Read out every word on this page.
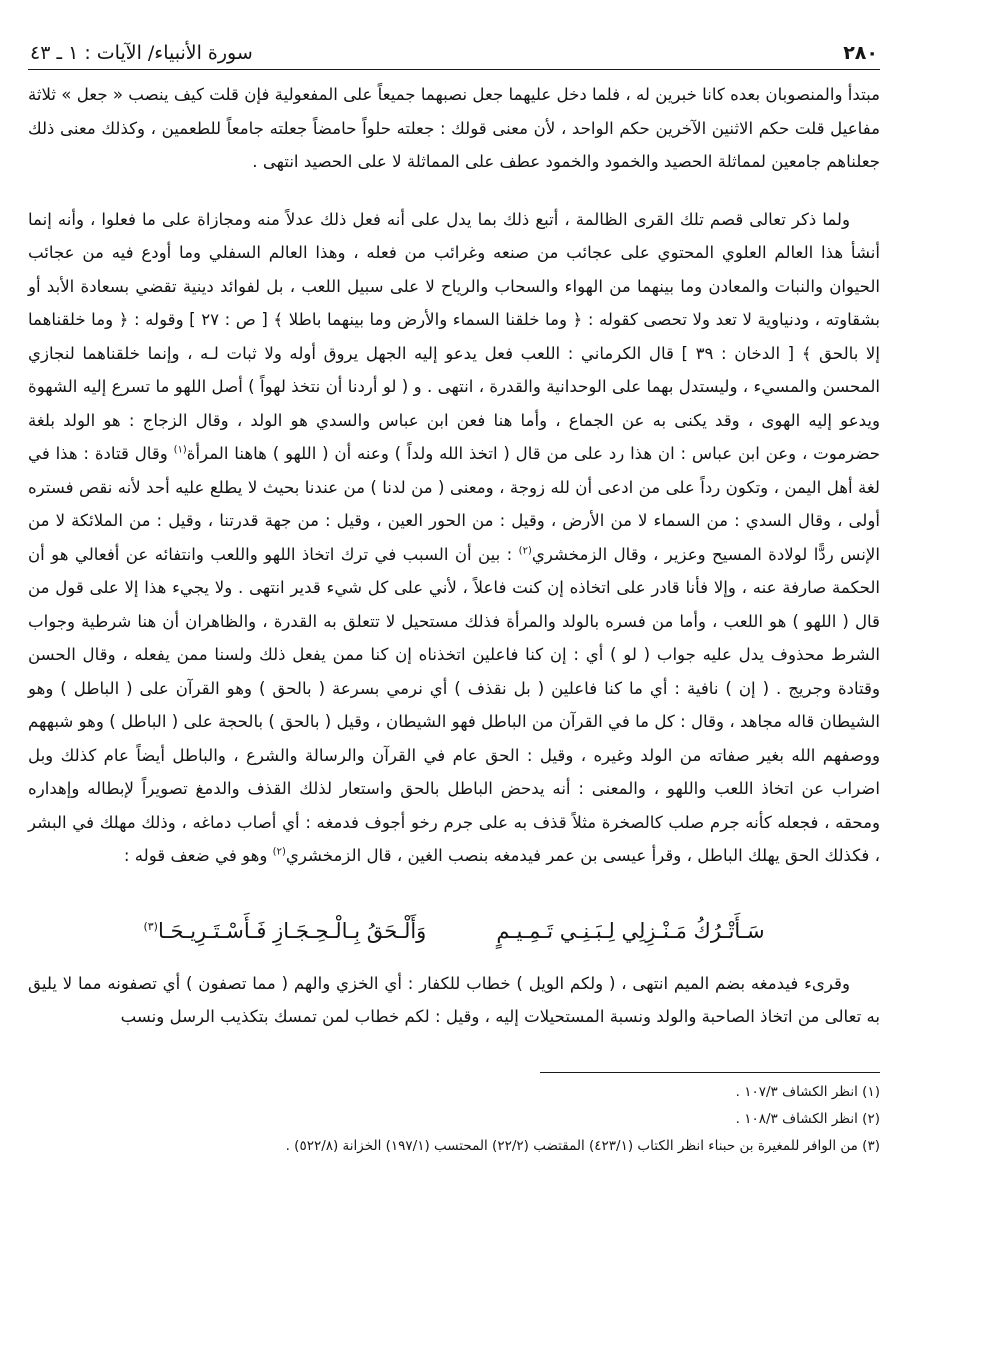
٢٨٠
سورة الأنبياء/ الآيات : ١ ـ ٤٣

مبتدأ والمنصوبان بعده كانا خبرين له ، فلما دخل عليهما جعل نصبهما جميعاً على المفعولية فإن قلت كيف ينصب « جعل » ثلاثة مفاعيل قلت حكم الاثنين الآخرين حكم الواحد ، لأن معنى قولك : جعلته حلواً حامضاً جعلته جامعاً للطعمين ، وكذلك معنى ذلك جعلناهم جامعين لمماثلة الحصيد والخمود والخمود عطف على المماثلة لا على الحصيد انتهى .

ولما ذكر تعالى قصم تلك القرى الظالمة ، أتبع ذلك بما يدل على أنه فعل ذلك عدلاً منه ومجازاة على ما فعلوا ، وأنه إنما أنشأ هذا العالم العلوي المحتوي على عجائب من صنعه وغرائب من فعله ، وهذا العالم السفلي وما أودع فيه من عجائب الحيوان والنبات والمعادن وما بينهما من الهواء والسحاب والرياح لا على سبيل اللعب ، بل لفوائد دينية تقضي بسعادة الأبد أو بشقاوته ، ودنياوية لا تعد ولا تحصى كقوله : ﴿ وما خلقنا السماء والأرض وما بينهما باطلا ﴾ [ ص : ٢٧ ] وقوله : ﴿ وما خلقناهما إلا بالحق ﴾ [ الدخان : ٣٩ ] قال الكرماني : اللعب فعل يدعو إليه الجهل يروق أوله ولا ثبات لـه ، وإنما خلقناهما لنجازي المحسن والمسيء ، وليستدل بهما على الوحدانية والقدرة ، انتهى . و ( لو أردنا أن نتخذ لهواً ) أصل اللهو ما تسرع إليه الشهوة ويدعو إليه الهوى ، وقد يكنى به عن الجماع ، وأما هنا فعن ابن عباس والسدي هو الولد ، وقال الزجاج : هو الولد بلغة حضرموت ، وعن ابن عباس : ان هذا رد على من قال ( اتخذ الله ولداً ) وعنه أن ( اللهو ) هاهنا المرأة$^{(١)}$ وقال قتادة : هذا في لغة أهل اليمن ، وتكون رداً على من ادعى أن لله زوجة ، ومعنى ( من لدنا ) من عندنا بحيث لا يطلع عليه أحد لأنه نقص فستره أولى ، وقال السدي : من السماء لا من الأرض ، وقيل : من الحور العين ، وقيل : من جهة قدرتنا ، وقيل : من الملائكة لا من الإنس ردًّا لولادة المسيح وعزير ، وقال الزمخشري$^{(٢)}$ : بين أن السبب في ترك اتخاذ اللهو واللعب وانتفائه عن أفعالي هو أن الحكمة صارفة عنه ، وإلا فأنا قادر على اتخاذه إن كنت فاعلاً ، لأني على كل شيء قدير انتهى . ولا يجيء هذا إلا على قول من قال ( اللهو ) هو اللعب ، وأما من فسره بالولد والمرأة فذلك مستحيل لا تتعلق به القدرة ، والظاهران أن هنا شرطية وجواب الشرط محذوف يدل عليه جواب ( لو ) أي : إن كنا فاعلين اتخذناه إن كنا ممن يفعل ذلك ولسنا ممن يفعله ، وقال الحسن وقتادة وجريج . ( إن ) نافية : أي ما كنا فاعلين ( بل نقذف ) أي نرمي بسرعة ( بالحق ) وهو القرآن على ( الباطل ) وهو الشيطان قاله مجاهد ، وقال : كل ما في القرآن من الباطل فهو الشيطان ، وقيل ( بالحق ) بالحجة على ( الباطل ) وهو شبههم ووصفهم الله بغير صفاته من الولد وغيره ، وقيل : الحق عام في القرآن والرسالة والشرع ، والباطل أيضاً عام كذلك وبل اضراب عن اتخاذ اللعب واللهو ، والمعنى : أنه يدحض الباطل بالحق واستعار لذلك القذف والدمغ تصويراً لإبطاله وإهداره ومحقه ، فجعله كأنه جرم صلب كالصخرة مثلاً قذف به على جرم رخو أجوف فدمغه : أي أصاب دماغه ، وذلك مهلك في البشر ، فكذلك الحق يهلك الباطل ، وقرأ عيسى بن عمر فيدمغه بنصب الغين ، قال الزمخشري$^{(٢)}$ وهو في ضعف قوله :

سَـأَتْـرُكُ مَـنْـزِلِي لِـبَـنِـي تَـمِـيـمٍ
وَأَلْـحَقُ بِـالْـحِـجَـازِ فَـأَسْـتَـرِيـحَـا$^{(٣)}$

وقرىء فيدمغه بضم الميم انتهى ، ( ولكم الويل ) خطاب للكفار : أي الخزي والهم ( مما تصفون ) أي تصفونه مما لا يليق به تعالى من اتخاذ الصاحبة والولد ونسبة المستحيلات إليه ، وقيل : لكم خطاب لمن تمسك بتكذيب الرسل ونسب

(١) انظر الكشاف ١٠٧/٣ .
(٢) انظر الكشاف ١٠٨/٣ .
(٣) من الوافر للمغيرة بن حبناء انظر الكتاب (٤٢٣/١) المقتضب (٢٢/٢) المحتسب (١٩٧/١) الخزانة (٥٢٢/٨) .
